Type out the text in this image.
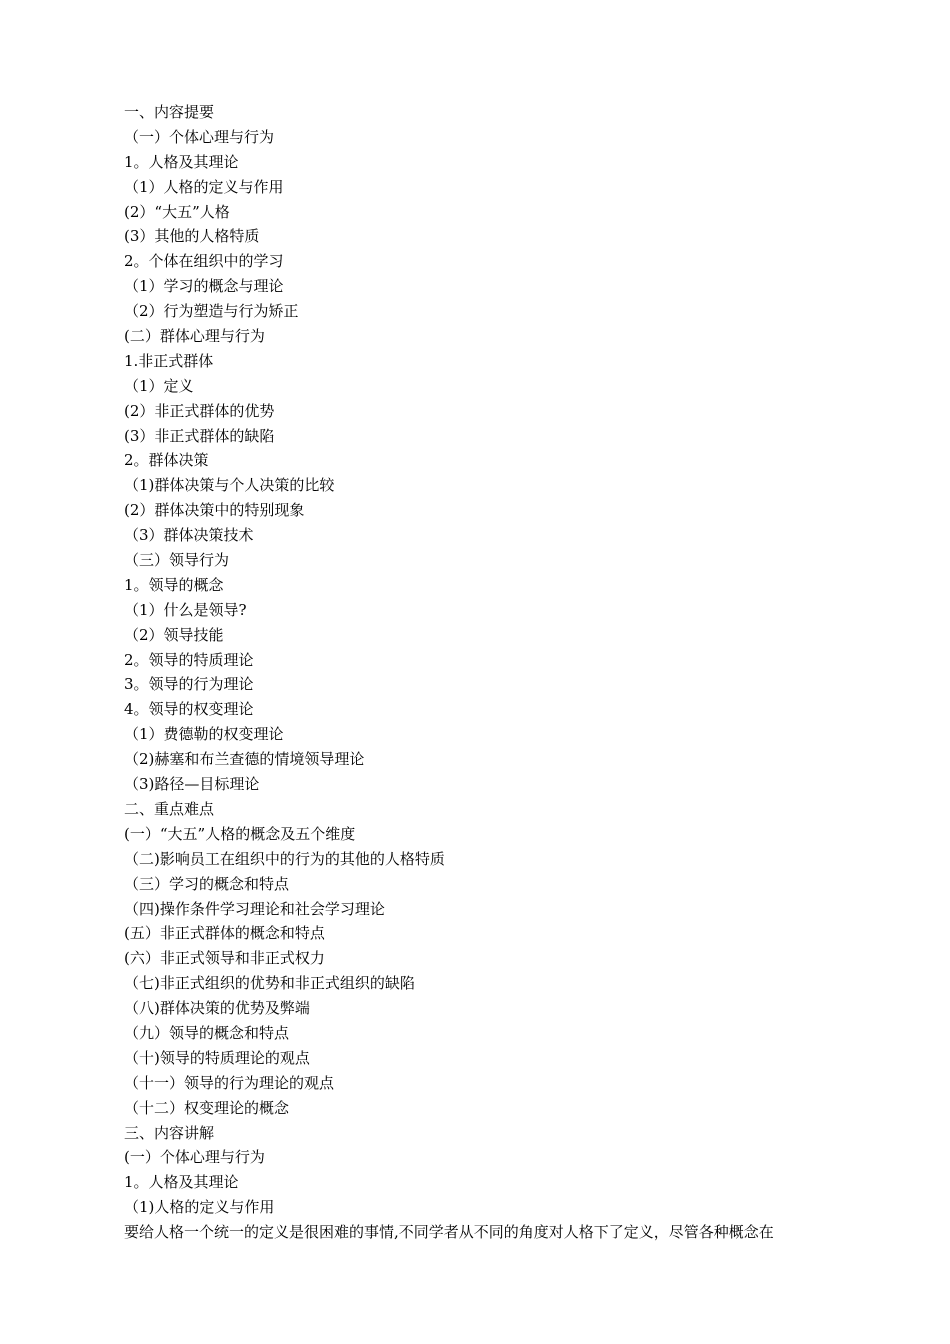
一、内容提要
（一）个体心理与行为
1。人格及其理论
（1）人格的定义与作用
(2）“大五”人格
(3）其他的人格特质
2。个体在组织中的学习
（1）学习的概念与理论
（2）行为塑造与行为矫正
(二）群体心理与行为
1.非正式群体
（1）定义
(2）非正式群体的优势
(3）非正式群体的缺陷
2。群体决策
（1)群体决策与个人决策的比较
(2）群体决策中的特别现象
（3）群体决策技术
（三）领导行为
1。领导的概念
（1）什么是领导?
（2）领导技能
2。领导的特质理论
3。领导的行为理论
4。领导的权变理论
（1）费德勒的权变理论
（2)赫塞和布兰查德的情境领导理论
（3)路径—目标理论
二、重点难点
(一）“大五”人格的概念及五个维度
（二)影响员工在组织中的行为的其他的人格特质
（三）学习的概念和特点
（四)操作条件学习理论和社会学习理论
(五）非正式群体的概念和特点
(六）非正式领导和非正式权力
（七)非正式组织的优势和非正式组织的缺陷
（八)群体决策的优势及弊端
（九）领导的概念和特点
（十)领导的特质理论的观点
（十一）领导的行为理论的观点
（十二）权变理论的概念
三、内容讲解
(一）个体心理与行为
1。人格及其理论
（1)人格的定义与作用
要给人格一个统一的定义是很困难的事情,不同学者从不同的角度对人格下了定义，尽管各种概念在
